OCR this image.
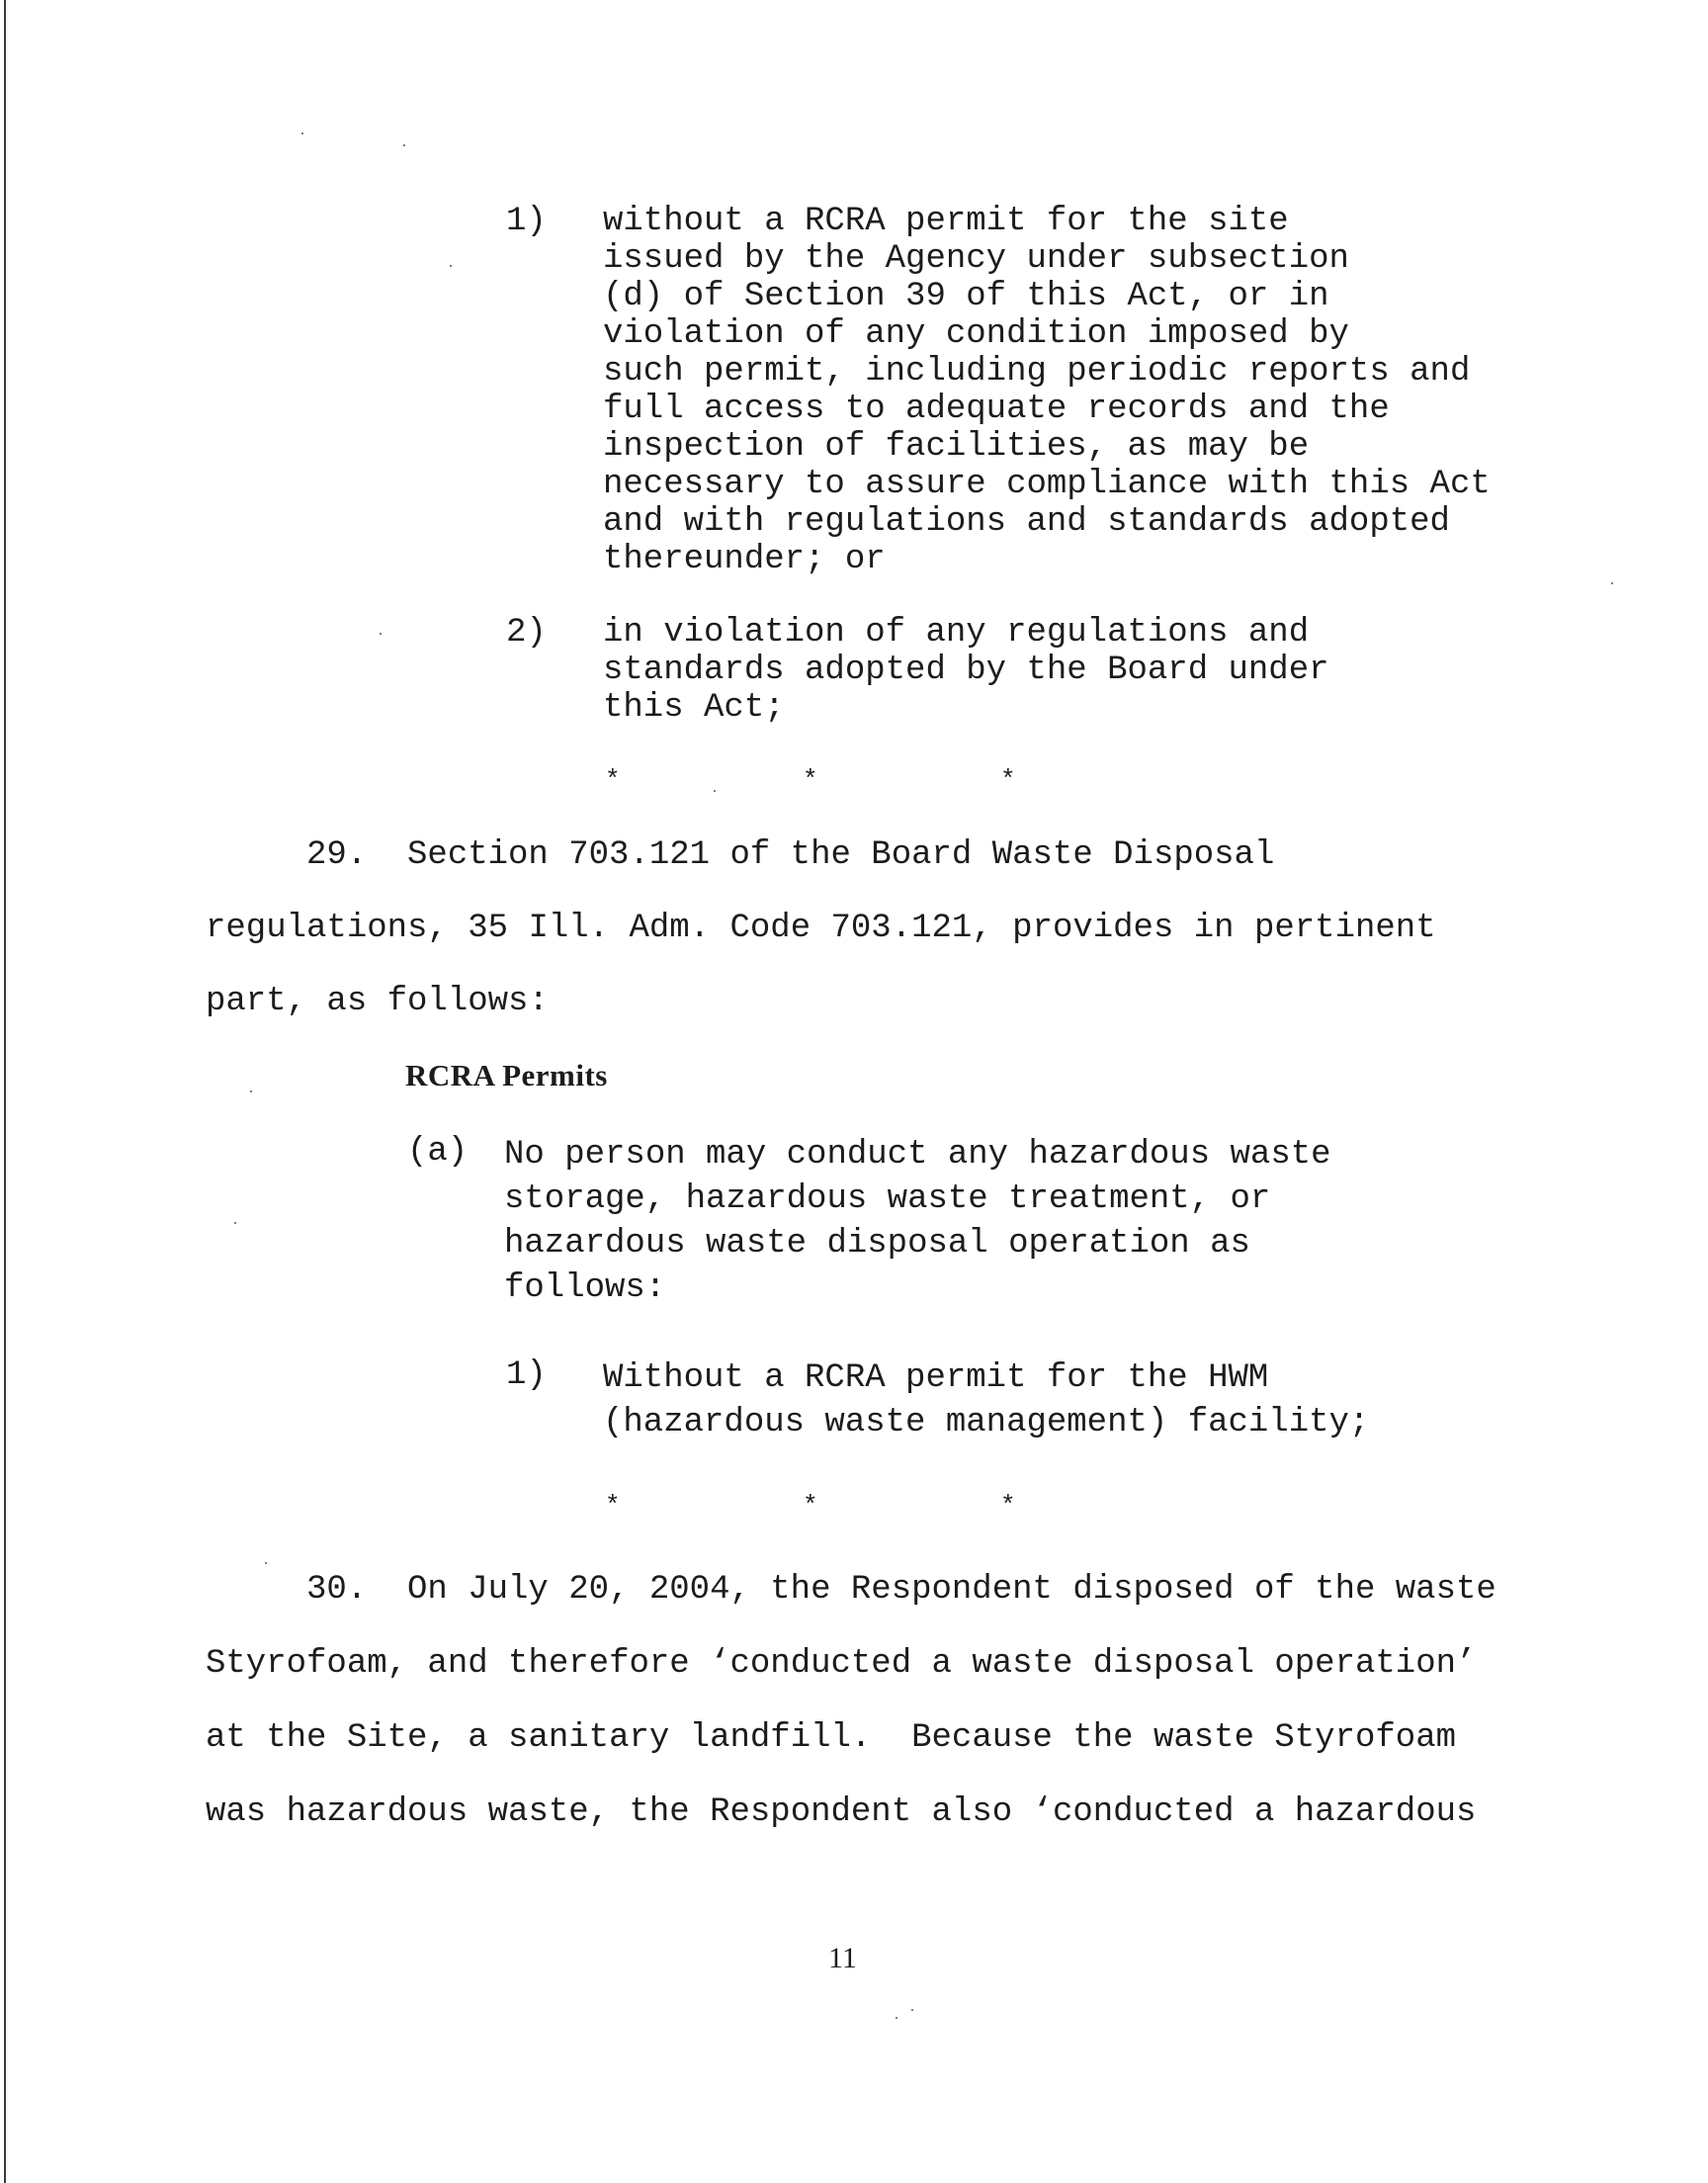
1) without a RCRA permit for the site
issued by the Agency under subsection
(d) of Section 39 of this Act, or in
violation of any condition imposed by
such permit, including periodic reports and
full access to adequate records and the
inspection of facilities, as may be
necessary to assure compliance with this Act
and with regulations and standards adopted
thereunder; or
2) in violation of any regulations and
standards adopted by the Board under
this Act;
*	*	*
29.  Section 703.121 of the Board Waste Disposal
regulations, 35 Ill. Adm. Code 703.121, provides in pertinent
part, as follows:
RCRA Permits
(a) No person may conduct any hazardous waste
storage, hazardous waste treatment, or
hazardous waste disposal operation as
follows:
1) Without a RCRA permit for the HWM
(hazardous waste management) facility;
*	*	*
30.  On July 20, 2004, the Respondent disposed of the waste
Styrofoam, and therefore ‘conducted a waste disposal operation’
at the Site, a sanitary landfill.  Because the waste Styrofoam
was hazardous waste, the Respondent also ‘conducted a hazardous
11
